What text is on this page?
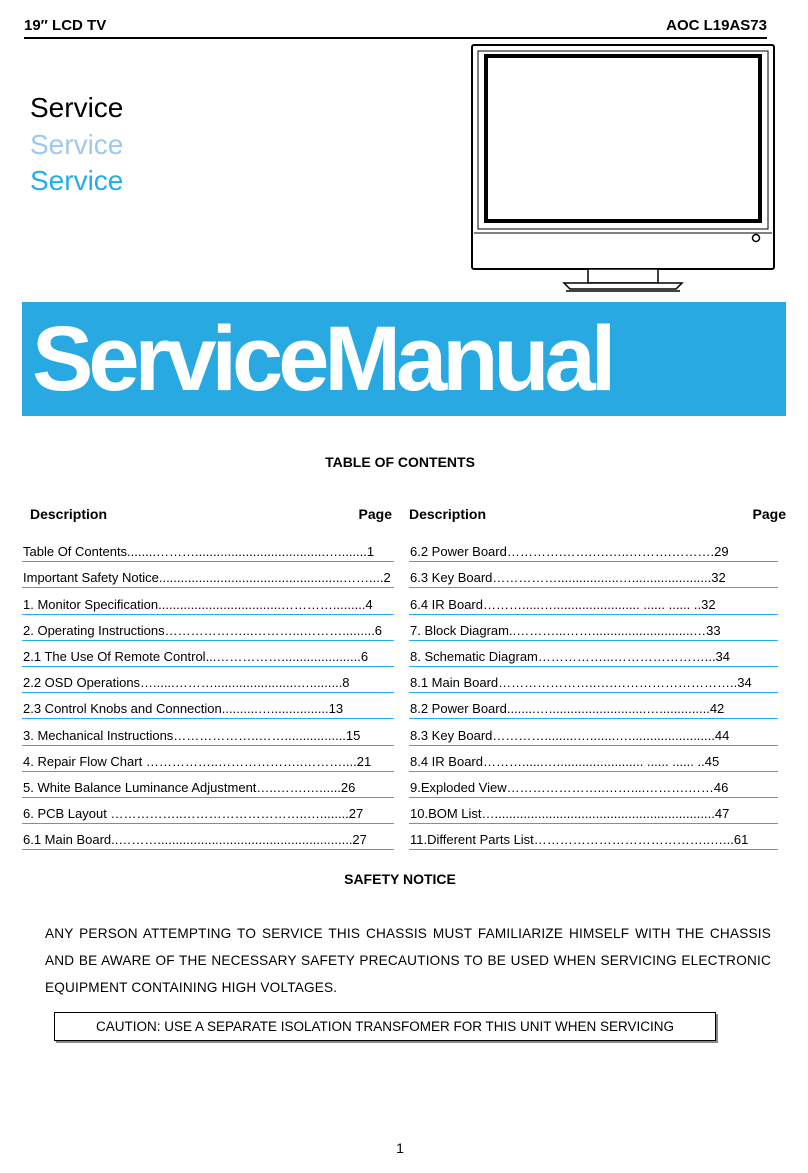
19″ LCD TV	AOC L19AS73
Service
Service
Service
ServiceManual
TABLE OF CONTENTS
Description	Page
Table Of Contents........………....................................…........1
Important Safety Notice...................................................……....2
1. Monitor Specification..................................………….........4
2. Operating Instructions………………...………...……….........6
2.1 The Use Of Remote Control...……………......................6
2.2 OSD Operations…......……….......................….........8
2.3 Control Knobs and Connection..........…................13
3. Mechanical Instructions………………..…….................15
4. Repair Flow Chart ……………..………………..………....21
5. White Balance Luminance Adjustment…..…….…......26
6. PCB Layout ……………..………………………..…........27
6.1 Main Board..………......................................................27
Description	Page
6.2 Power Board………….…….….…..……….……….29
6.3 Key Board…………….................…......................32
6.4 IR Board……….....…........................ ...... ...... ..32
7. Block Diagram..………...……............................…33
8. Schematic Diagram……………...…………………...34
8.1 Main Board…………………..….………………………..34
8.2 Power Board........…...........................…..............42
8.3 Key Board………….........….......…........................44
8.4 IR Board………......…........................ ...... ...... ..45
9.Exploded View…………………..……....……….……46
10.BOM List….............................................................47
11.Different Parts List…………………………………..…...61
SAFETY NOTICE
ANY PERSON ATTEMPTING TO SERVICE THIS CHASSIS MUST FAMILIARIZE HIMSELF WITH THE CHASSIS AND BE AWARE OF THE NECESSARY SAFETY PRECAUTIONS TO BE USED WHEN SERVICING ELECTRONIC EQUIPMENT CONTAINING HIGH VOLTAGES.
CAUTION: USE A SEPARATE ISOLATION TRANSFOMER FOR THIS UNIT WHEN SERVICING
1
